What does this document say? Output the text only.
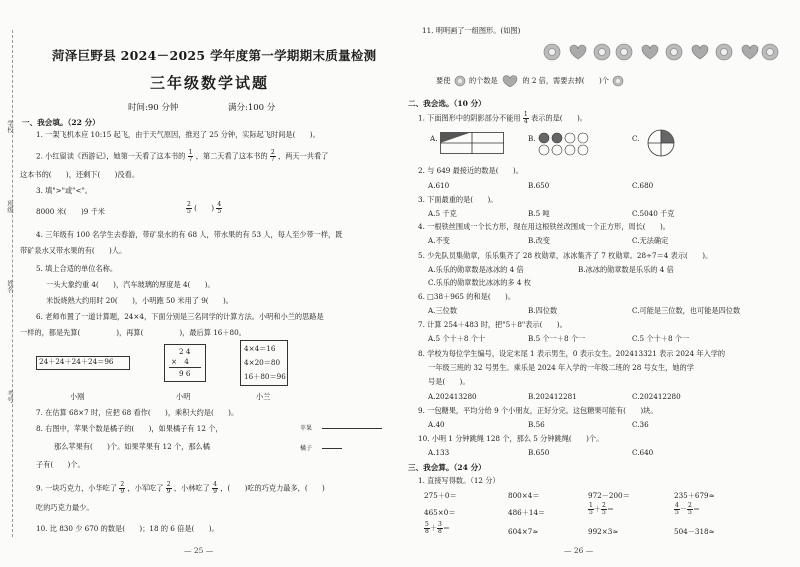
学校
班级
姓名
考号
菏泽巨野县 2024－2025 学年度第一学期期末质量检测
三年级数学试题
时间:90 分钟	满分:100 分
一、我会填。（22 分）
1. 一架飞机本应 10:15 起飞，由于天气原因，推迟了 25 分钟，实际起飞时间是(　　)。
2. 小红留读《西游记》，她第一天看了这本书的 $\frac{1}{7}$ ，第二天看了这本书的 $\frac{2}{7}$ ，两天一共看了
这本书的(　　)，还剩下(　　)没看。
3. 填">"或"<"。
8000 米(　　)9 千米	$\frac{2}{5}$ (　　) $\frac{4}{5}$
4. 三年级有 100 名学生去春游，带矿泉水的有 68 人，带水果的有 53 人，每人至少带一样，既
带矿泉水又带水果的有(　　)人。
5. 填上合适的单位名称。
一头大象约重 4(　　)，汽车玻璃的厚度是 4(　　)。
米饭烧熟大约用时 20(　　)，小明跑 50 米用了 9(　　)。
6. 老师布置了一道计算题，24×4，下面分别是三名同学的计算方法。小明和小兰的思路是
一样的，都是先算(　　　　　)，再算(　　　　　)，最后算 16＋80。
24＋24＋24＋24＝96
2 4
×　4
9 6
4×4＝16
4×20＝80
16＋80＝96
小刚	小明	小兰
7. 在估算 68×7 时，应把 68 看作(　　)，乘积大约是(　　)。
8. 右图中，苹果个数是橘子的(　　)，如果橘子有 12 个，	苹果
那么苹果有(　　)个。如果苹果有 12 个，那么橘	橘子
子有(　　)个。
9. 一块巧克力，小华吃了 $\frac{2}{9}$ ，小军吃了 $\frac{2}{9}$ ，小林吃了 $\frac{4}{9}$ ，(　　)吃的巧克力最多，(　　)
吃的巧克力最少。
10. 比 830 少 670 的数是(　　)；18 的 6 倍是(　　)。
— 25 —
11. 明明画了一组图形。(如图)
要使	的个数是	的 2 倍，需要去掉(　　)个
二、我会选。（10 分）
1. 下面图形中的阴影部分不能用 $\frac{1}{4}$ 表示的是(　　)。
A.	B.	C.
2. 与 649 最接近的数是(　　)。
A.610	B.650	C.680
3. 下面最重的是(　　)。
A.5 千克	B.5 吨	C.5040 千克
4. 一根铁丝围成一个长方形，现在用这根铁丝改围成一个正方形，周长(　　)。
A.不变	B.改变	C.无法确定
5. 少先队员集勋章，乐乐集齐了 28 枚勋章，冰冰集齐了 7 枚勋章。28÷7＝4 表示(　　)。
A.乐乐的勋章数是冰冰的 4 倍	B.冰冰的勋章数是乐乐的 4 倍
C.乐乐的勋章数比冰冰的多 4 枚
6. □38＋965 的和是(　　)。
A.三位数	B.四位数	C.可能是三位数，也可能是四位数
7. 计算 254＋483 时，把"5＋8"表示(　　)。
A.5 个十＋8 个十	B.5 个一＋8 个一	C.5 个十＋8 个一
8. 学校为每位学生编号，设定末尾 1 表示男生，0 表示女生。202413321 表示 2024 年入学的
一年级三班的 32 号男生。乘乐是 2024 年入学的一年级二班的 28 号女生，她的学
号是(　　)。
A.202413280	B.202412281	C.202412280
9. 一包糖果，平均分给 9 个小朋友，正好分完。这包糖果可能有(　　)块。
A.40	B.56	C.36
10. 小明 1 分钟跳绳 128 个，那么 5 分钟跳绳(　　)个。
A.133	B.650	C.640
三、我会算。（24 分）
1. 直接写得数。（12 分）
275＋0＝	800×4＝	972－200＝	235＋679≈
465×0＝	486＋14＝	$\frac{1}{5} + \frac{2}{5}$ ＝	$\frac{4}{5} - \frac{2}{5}$ ＝
$\frac{5}{8} + \frac{3}{8}$ ＝	604×7≈	992×3≈	504－318≈
— 26 —
